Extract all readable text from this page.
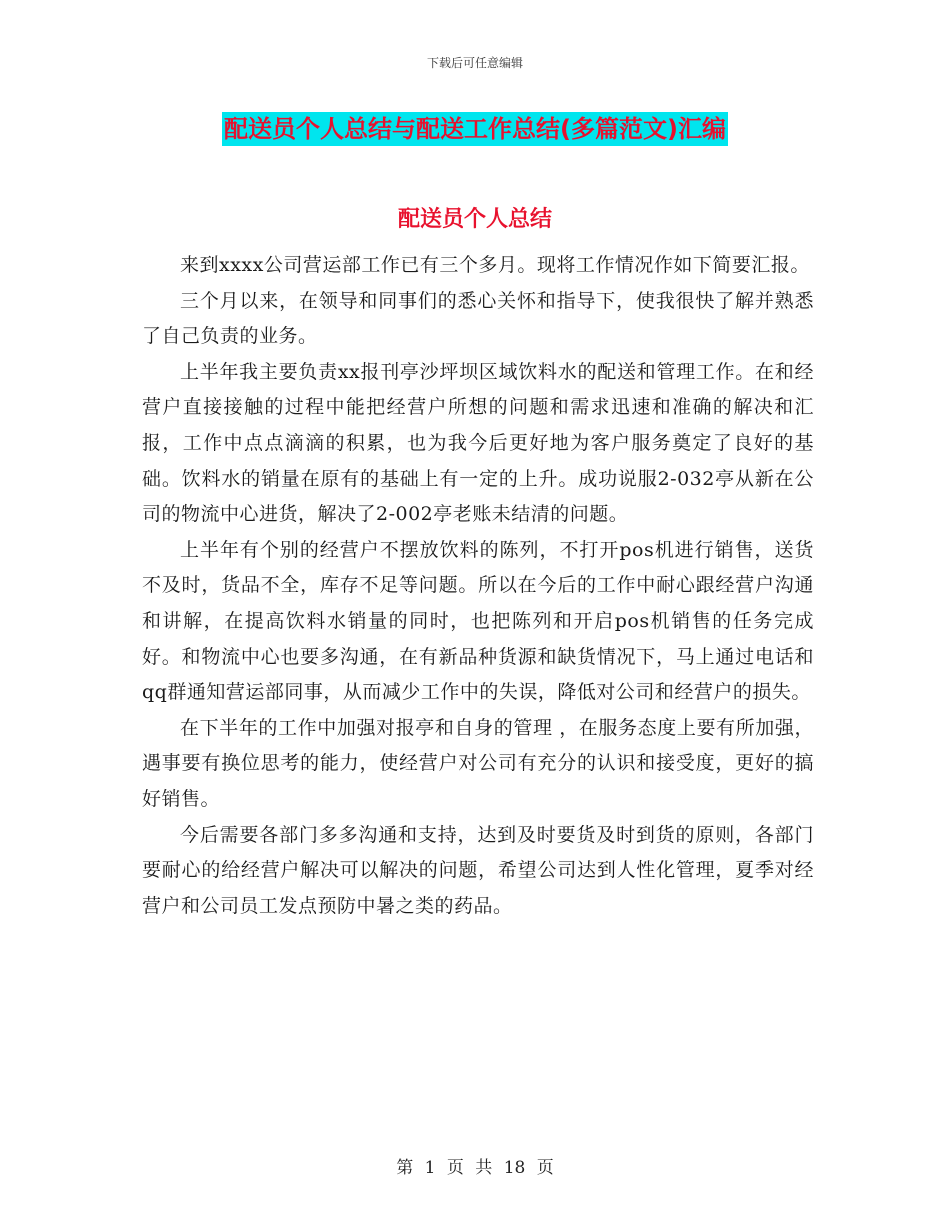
下载后可任意编辑
配送员个人总结与配送工作总结(多篇范文)汇编
配送员个人总结

来到xxxx公司营运部工作已有三个多月。现将工作情况作如下简要汇报。

三个月以来，在领导和同事们的悉心关怀和指导下，使我很快了解并熟悉了自己负责的业务。

上半年我主要负责xx报刊亭沙坪坝区域饮料水的配送和管理工作。在和经营户直接接触的过程中能把经营户所想的问题和需求迅速和准确的解决和汇报，工作中点点滴滴的积累，也为我今后更好地为客户服务奠定了良好的基础。饮料水的销量在原有的基础上有一定的上升。成功说服2-032亭从新在公司的物流中心进货，解决了2-002亭老账未结清的问题。

上半年有个别的经营户不摆放饮料的陈列，不打开pos机进行销售，送货不及时，货品不全，库存不足等问题。所以在今后的工作中耐心跟经营户沟通和讲解，在提高饮料水销量的同时，也把陈列和开启pos机销售的任务完成好。和物流中心也要多沟通，在有新品种货源和缺货情况下，马上通过电话和qq群通知营运部同事，从而减少工作中的失误，降低对公司和经营户的损失。

在下半年的工作中加强对报亭和自身的管理 ，在服务态度上要有所加强，遇事要有换位思考的能力，使经营户对公司有充分的认识和接受度，更好的搞好销售。

今后需要各部门多多沟通和支持，达到及时要货及时到货的原则，各部门要耐心的给经营户解决可以解决的问题，希望公司达到人性化管理，夏季对经营户和公司员工发点预防中暑之类的药品。

第 1 页 共 18 页
